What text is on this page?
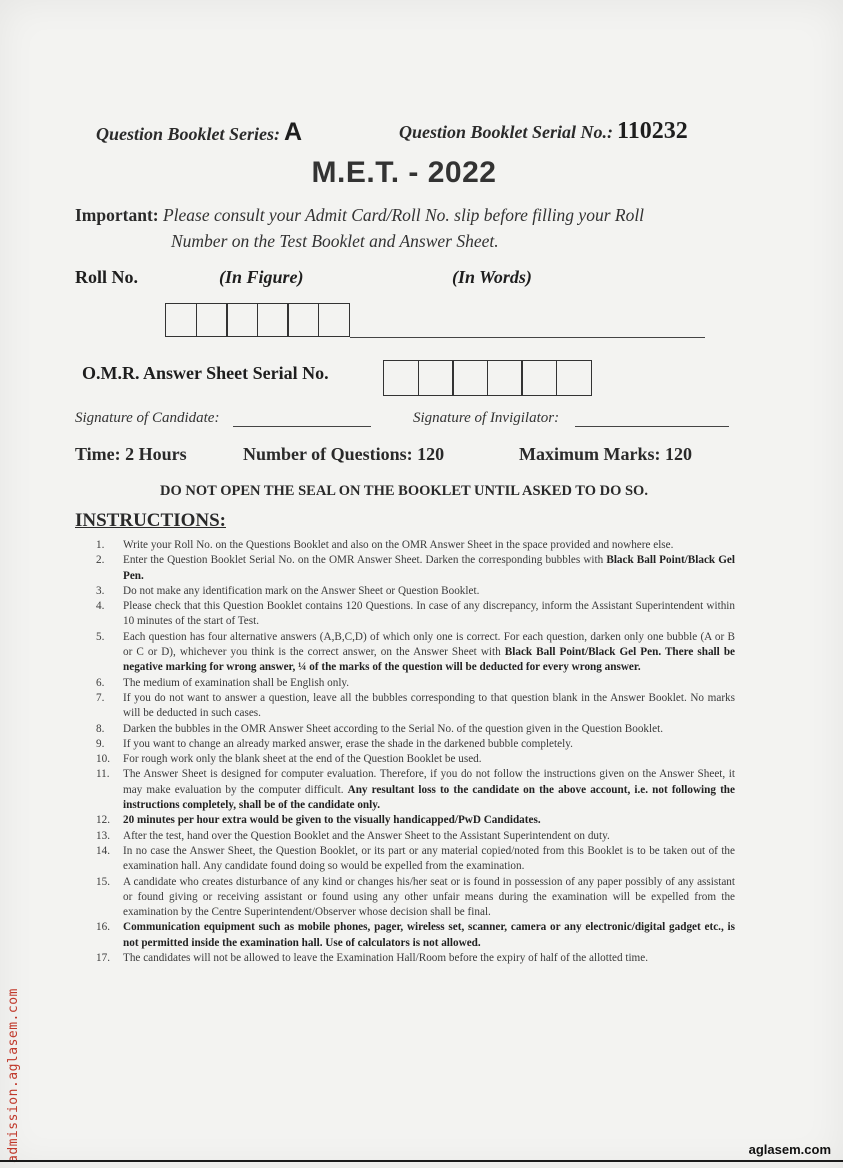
Question Booklet Series: A	Question Booklet Serial No.: 110232
M.E.T. - 2022
Important: Please consult your Admit Card/Roll No. slip before filling your Roll
Number on the Test Booklet and Answer Sheet.
Roll No.	(In Figure)	(In Words)
O.M.R. Answer Sheet Serial No.
Signature of Candidate:	Signature of Invigilator:
Time: 2 Hours	Number of Questions: 120	Maximum Marks: 120
DO NOT OPEN THE SEAL ON THE BOOKLET UNTIL ASKED TO DO SO.
INSTRUCTIONS:
1. Write your Roll No. on the Questions Booklet and also on the OMR Answer Sheet in the space provided and nowhere else.
2. Enter the Question Booklet Serial No. on the OMR Answer Sheet. Darken the corresponding bubbles with Black Ball Point/Black Gel Pen.
3. Do not make any identification mark on the Answer Sheet or Question Booklet.
4. Please check that this Question Booklet contains 120 Questions. In case of any discrepancy, inform the Assistant Superintendent within 10 minutes of the start of Test.
5. Each question has four alternative answers (A,B,C,D) of which only one is correct. For each question, darken only one bubble (A or B or C or D), whichever you think is the correct answer, on the Answer Sheet with Black Ball Point/Black Gel Pen. There shall be negative marking for wrong answer, ¼ of the marks of the question will be deducted for every wrong answer.
6. The medium of examination shall be English only.
7. If you do not want to answer a question, leave all the bubbles corresponding to that question blank in the Answer Booklet. No marks will be deducted in such cases.
8. Darken the bubbles in the OMR Answer Sheet according to the Serial No. of the question given in the Question Booklet.
9. If you want to change an already marked answer, erase the shade in the darkened bubble completely.
10. For rough work only the blank sheet at the end of the Question Booklet be used.
11. The Answer Sheet is designed for computer evaluation. Therefore, if you do not follow the instructions given on the Answer Sheet, it may make evaluation by the computer difficult. Any resultant loss to the candidate on the above account, i.e. not following the instructions completely, shall be of the candidate only.
12. 20 minutes per hour extra would be given to the visually handicapped/PwD Candidates.
13. After the test, hand over the Question Booklet and the Answer Sheet to the Assistant Superintendent on duty.
14. In no case the Answer Sheet, the Question Booklet, or its part or any material copied/noted from this Booklet is to be taken out of the examination hall. Any candidate found doing so would be expelled from the examination.
15. A candidate who creates disturbance of any kind or changes his/her seat or is found in possession of any paper possibly of any assistant or found giving or receiving assistant or found using any other unfair means during the examination will be expelled from the examination by the Centre Superintendent/Observer whose decision shall be final.
16. Communication equipment such as mobile phones, pager, wireless set, scanner, camera or any electronic/digital gadget etc., is not permitted inside the examination hall. Use of calculators is not allowed.
17. The candidates will not be allowed to leave the Examination Hall/Room before the expiry of half of the allotted time.
admission.aglasem.com	aglasem.com
